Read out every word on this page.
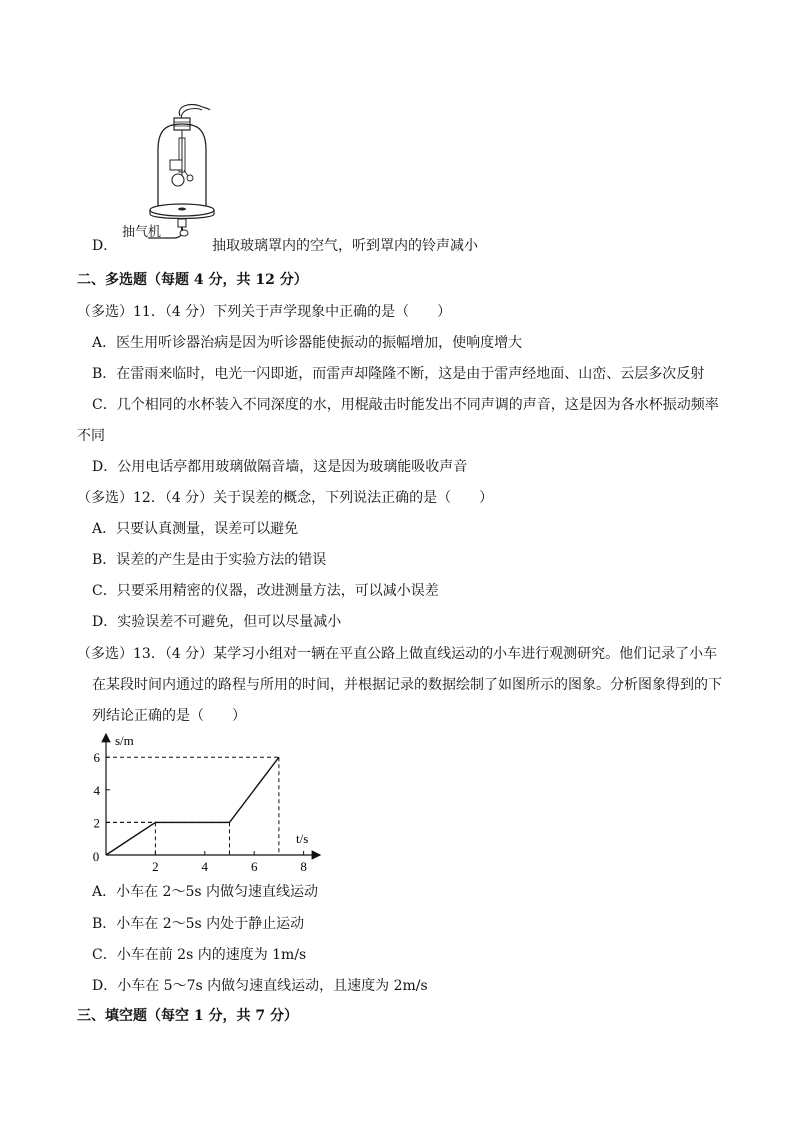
抽气机
D．	抽取玻璃罩内的空气，听到罩内的铃声减小
二、多选题（每题 4 分，共 12 分）
（多选）11．（4 分）下列关于声学现象中正确的是（　　）
A．医生用听诊器治病是因为听诊器能使振动的振幅增加，使响度增大
B．在雷雨来临时，电光一闪即逝，而雷声却隆隆不断，这是由于雷声经地面、山峦、云层多次反射
C．几个相同的水杯装入不同深度的水，用棍敲击时能发出不同声调的声音，这是因为各水杯振动频率
不同
D．公用电话亭都用玻璃做隔音墙，这是因为玻璃能吸收声音
（多选）12．（4 分）关于误差的概念，下列说法正确的是（　　）
A．只要认真测量，误差可以避免
B．误差的产生是由于实验方法的错误
C．只要采用精密的仪器，改进测量方法，可以减小误差
D．实验误差不可避免，但可以尽量减小
（多选）13．（4 分）某学习小组对一辆在平直公路上做直线运动的小车进行观测研究。他们记录了小车
在某段时间内通过的路程与所用的时间，并根据记录的数据绘制了如图所示的图象。分析图象得到的下
列结论正确的是（　　）
s/m
t/s
0
2	4	6	8
2
4
6
A．小车在 2～5s 内做匀速直线运动
B．小车在 2～5s 内处于静止运动
C．小车在前 2s 内的速度为 1m/s
D．小车在 5～7s 内做匀速直线运动，且速度为 2m/s
三、填空题（每空 1 分，共 7 分）
